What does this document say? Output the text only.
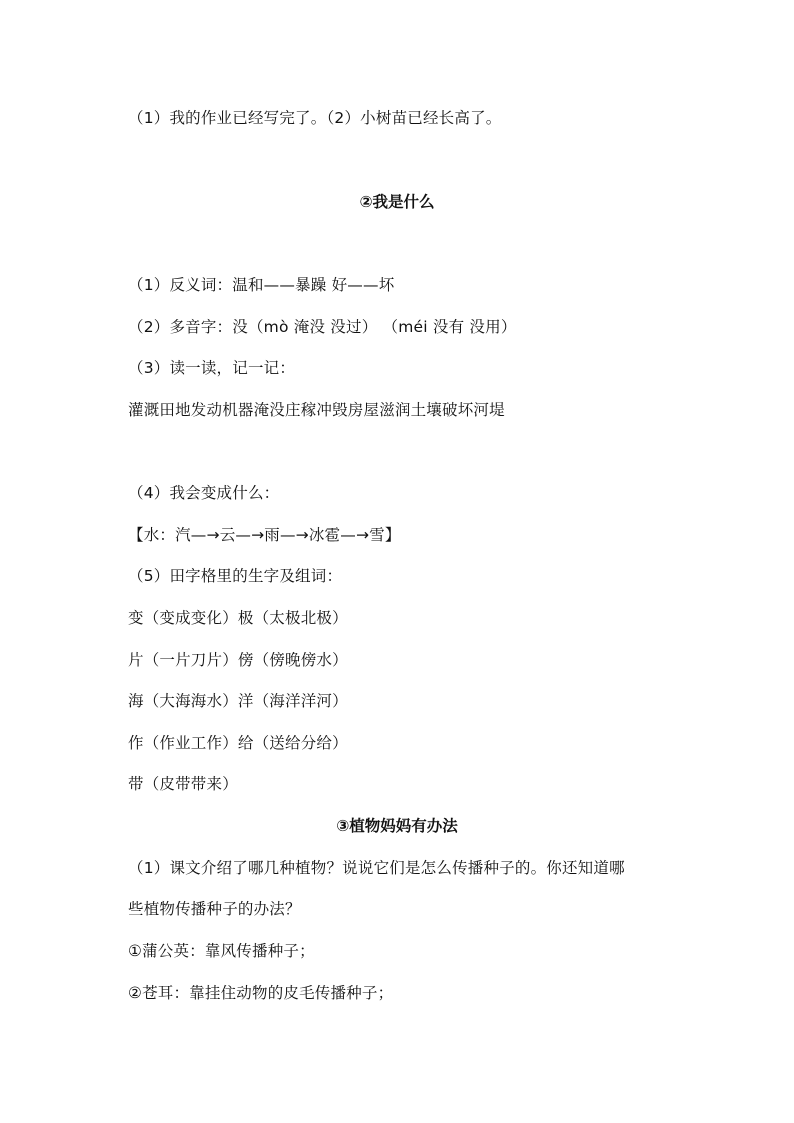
（1）我的作业已经写完了。（2）小树苗已经长高了。
②我是什么
（1）反义词：温和——暴躁 好——坏
（2）多音字：没（mò 淹没 没过） （méi 没有 没用）
（3）读一读，记一记：
灌溉田地发动机器淹没庄稼冲毁房屋滋润土壤破坏河堤
（4）我会变成什么：
【水：汽—→云—→雨—→冰雹—→雪】
（5）田字格里的生字及组词：
变（变成变化）极（太极北极）
片（一片刀片）傍（傍晚傍水）
海（大海海水）洋（海洋洋河）
作（作业工作）给（送给分给）
带（皮带带来）
③植物妈妈有办法
（1）课文介绍了哪几种植物？说说它们是怎么传播种子的。你还知道哪
些植物传播种子的办法？
①蒲公英：靠风传播种子；
②苍耳：靠挂住动物的皮毛传播种子；
